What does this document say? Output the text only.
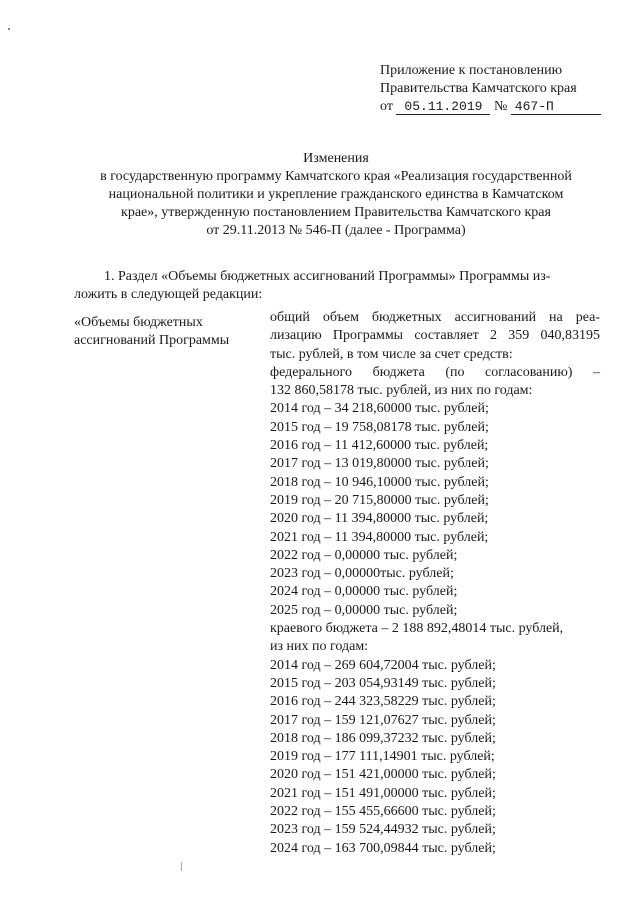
Приложение к постановлению
Правительства Камчатского края
от 05.11.2019 № 467-П
Изменения
в государственную программу Камчатского края «Реализация государственной
национальной политики и укрепление гражданского единства в Камчатском
крае», утвержденную постановлением Правительства Камчатского края
от 29.11.2013 № 546-П (далее - Программа)
1. Раздел «Объемы бюджетных ассигнований Программы» Программы из-
ложить в следующей редакции:
«Объемы бюджетных
ассигнований Программы
общий объем бюджетных ассигнований на реа-
лизацию Программы составляет 2 359 040,83195
тыс. рублей, в том числе за счет средств:
федерального бюджета (по согласованию) –
132 860,58178 тыс. рублей, из них по годам:
2014 год – 34 218,60000 тыс. рублей;
2015 год – 19 758,08178 тыс. рублей;
2016 год – 11 412,60000 тыс. рублей;
2017 год – 13 019,80000 тыс. рублей;
2018 год – 10 946,10000 тыс. рублей;
2019 год – 20 715,80000 тыс. рублей;
2020 год – 11 394,80000 тыс. рублей;
2021 год – 11 394,80000 тыс. рублей;
2022 год – 0,00000 тыс. рублей;
2023 год – 0,00000тыс. рублей;
2024 год – 0,00000 тыс. рублей;
2025 год – 0,00000 тыс. рублей;
краевого бюджета – 2 188 892,48014 тыс. рублей,
из них по годам:
2014 год – 269 604,72004 тыс. рублей;
2015 год – 203 054,93149 тыс. рублей;
2016 год – 244 323,58229 тыс. рублей;
2017 год – 159 121,07627 тыс. рублей;
2018 год – 186 099,37232 тыс. рублей;
2019 год – 177 111,14901 тыс. рублей;
2020 год – 151 421,00000 тыс. рублей;
2021 год – 151 491,00000 тыс. рублей;
2022 год – 155 455,66600 тыс. рублей;
2023 год – 159 524,44932 тыс. рублей;
2024 год – 163 700,09844 тыс. рублей;
